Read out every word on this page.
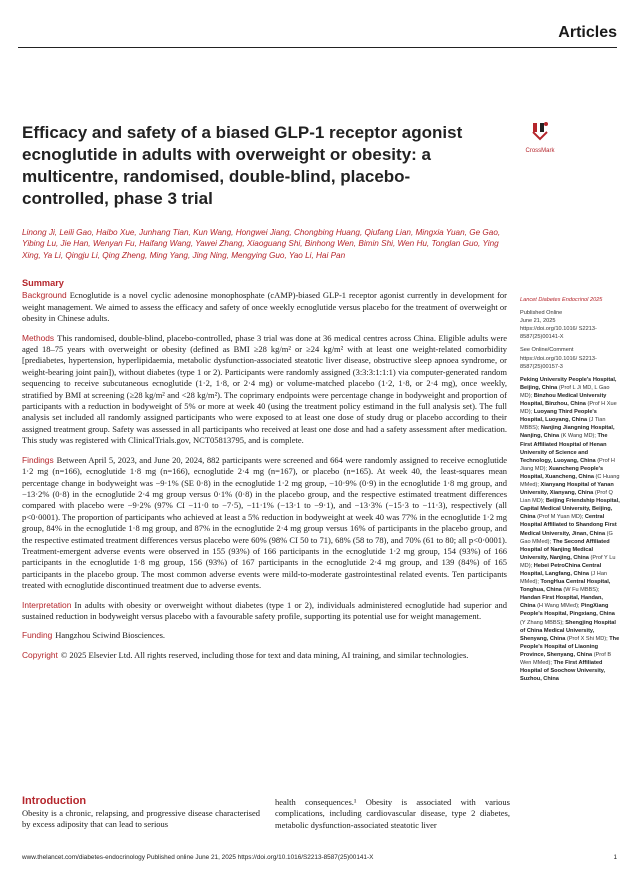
Articles
Efficacy and safety of a biased GLP-1 receptor agonist ecnoglutide in adults with overweight or obesity: a multicentre, randomised, double-blind, placebo-controlled, phase 3 trial
CrossMark
Linong Ji, Leili Gao, Haibo Xue, Junhang Tian, Kun Wang, Hongwei Jiang, Chongbing Huang, Qiufang Lian, Mingxia Yuan, Ge Gao, Yibing Lu, Jie Han, Wenyan Fu, Haifang Wang, Yawei Zhang, Xiaoguang Shi, Binhong Wen, Bimin Shi, Wen Hu, Tonglan Guo, Ying Xing, Ya Li, Qingju Li, Qing Zheng, Ming Yang, Jing Ning, Mengying Guo, Yao Li, Hai Pan
Summary

Background Ecnoglutide is a novel cyclic adenosine monophosphate (cAMP)-biased GLP-1 receptor agonist currently in development for weight management. We aimed to assess the efficacy and safety of once weekly ecnoglutide versus placebo for the treatment of overweight or obesity in Chinese adults.

Methods This randomised, double-blind, placebo-controlled, phase 3 trial was done at 36 medical centres across China. Eligible adults were aged 18–75 years with overweight or obesity (defined as BMI ≥28 kg/m² or ≥24 kg/m² with at least one weight-related comorbidity [prediabetes, hypertension, hyperlipidaemia, metabolic dysfunction-associated steatotic liver disease, obstructive sleep apnoea syndrome, or weight-bearing joint pain]), without diabetes (type 1 or 2). Participants were randomly assigned (3:3:3:1:1:1) via computer-generated random sequencing to receive subcutaneous ecnoglutide (1·2, 1·8, or 2·4 mg) or volume-matched placebo (1·2, 1·8, or 2·4 mg), once weekly, stratified by BMI at screening (≥28 kg/m² and <28 kg/m²). The coprimary endpoints were percentage change in bodyweight and proportion of participants with a reduction in bodyweight of 5% or more at week 40 (using the treatment policy estimand in the full analysis set). The full analysis set included all randomly assigned participants who were exposed to at least one dose of study drug or placebo according to their assigned treatment group. Safety was assessed in all participants who received at least one dose and had a safety assessment after medication. This study was registered with ClinicalTrials.gov, NCT05813795, and is complete.

Findings Between April 5, 2023, and June 20, 2024, 882 participants were screened and 664 were randomly assigned to receive ecnoglutide 1·2 mg (n=166), ecnoglutide 1·8 mg (n=166), ecnoglutide 2·4 mg (n=167), or placebo (n=165). At week 40, the least-squares mean percentage change in bodyweight was −9·1% (SE 0·8) in the ecnoglutide 1·2 mg group, −10·9% (0·9) in the ecnoglutide 1·8 mg group, and −13·2% (0·8) in the ecnoglutide 2·4 mg group versus 0·1% (0·8) in the placebo group, and the respective estimated treatment differences compared with placebo were −9·2% (97% CI −11·0 to −7·5), −11·1% (−13·1 to −9·1), and −13·3% (−15·3 to −11·3), respectively (all p<0·0001). The proportion of participants who achieved at least a 5% reduction in bodyweight at week 40 was 77% in the ecnoglutide 1·2 mg group, 84% in the ecnoglutide 1·8 mg group, and 87% in the ecnoglutide 2·4 mg group versus 16% of participants in the placebo group, and the respective estimated treatment differences versus placebo were 60% (98% CI 50 to 71), 68% (58 to 78), and 70% (61 to 80; all p<0·0001). Treatment-emergent adverse events were observed in 155 (93%) of 166 participants in the ecnoglutide 1·2 mg group, 154 (93%) of 166 participants in the ecnoglutide 1·8 mg group, 156 (93%) of 167 participants in the ecnoglutide 2·4 mg group, and 139 (84%) of 165 participants in the placebo group. The most common adverse events were mild-to-moderate gastrointestinal related events. Ten participants treated with ecnoglutide discontinued treatment due to adverse events.

Interpretation In adults with obesity or overweight without diabetes (type 1 or 2), individuals administered ecnoglutide had superior and sustained reduction in bodyweight versus placebo with a favourable safety profile, supporting its potential use for weight management.

Funding Hangzhou Sciwind Biosciences.

Copyright © 2025 Elsevier Ltd. All rights reserved, including those for text and data mining, AI training, and similar technologies.

Lancet Diabetes Endocrinol 2025
Published Online
June 21, 2025
https://doi.org/10.1016/ S2213-8587(25)00141-X
See Online/Comment
https://doi.org/10.1016/ S2213-8587(25)00157-3
Peking University People's Hospital, Beijing, China (Prof L Ji MD, L Gao MD); Binzhou Medical University Hospital, Binzhou, China (Prof H Xue MD); Luoyang Third People's Hospital, Luoyang, China (J Tian MBBS); Nanjing Jiangning Hospital, Nanjing, China (K Wang MD); The First Affiliated Hospital of Henan University of Science and Technology, Luoyang, China (Prof H Jiang MD); Xuancheng People's Hospital, Xuancheng, China (C Huang MMed); Xianyang Hospital of Yanan University, Xianyang, China (Prof Q Lian MD); Beijing Friendship Hospital, Capital Medical University, Beijing, China (Prof M Yuan MD); Central Hospital Affiliated to Shandong First Medical University, Jinan, China (G Gao MMed); The Second Affiliated Hospital of Nanjing Medical University, Nanjing, China (Prof Y Lu MD); Hebei PetroChina Central Hospital, Langfang, China (J Han MMed); TongHua Central Hospital, Tonghua, China (W Fu MBBS); Handan First Hospital, Handan, China (H Wang MMed); PingXiang People's Hospital, Pingxiang, China (Y Zhang MBBS); Shengjing Hospital of China Medical University, Shenyang, China (Prof X Shi MD); The People's Hospital of Liaoning Province, Shenyang, China (Prof B Wen MMed); The First Affiliated Hospital of Soochow University, Suzhou, China
Introduction
Obesity is a chronic, relapsing, and progressive disease characterised by excess adiposity that can lead to serious
health consequences.¹ Obesity is associated with various complications, including cardiovascular disease, type 2 diabetes, metabolic dysfunction-associated steatotic liver
www.thelancet.com/diabetes-endocrinology Published online June 21, 2025 https://doi.org/10.1016/S2213-8587(25)00141-X	1
